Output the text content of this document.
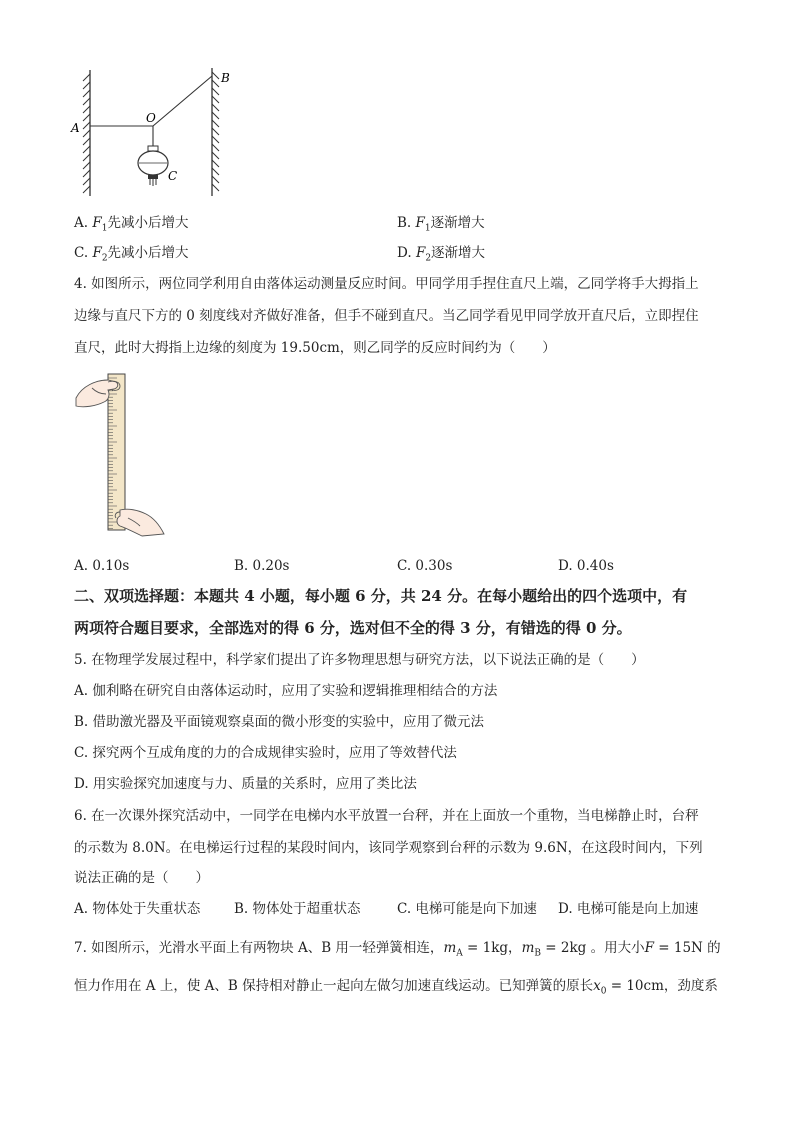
A
B
O
C
A. $F_1$先减小后增大	B. $F_1$逐渐增大
C. $F_2$先减小后增大	D. $F_2$逐渐增大
4. 如图所示，两位同学利用自由落体运动测量反应时间。甲同学用手捏住直尺上端，乙同学将手大拇指上
边缘与直尺下方的 0 刻度线对齐做好准备，但手不碰到直尺。当乙同学看见甲同学放开直尺后，立即捏住
直尺，此时大拇指上边缘的刻度为 19.50cm，则乙同学的反应时间约为（　　）
A. 0.10s	B. 0.20s	C. 0.30s	D. 0.40s
二、双项选择题：本题共 4 小题，每小题 6 分，共 24 分。在每小题给出的四个选项中，有
两项符合题目要求，全部选对的得 6 分，选对但不全的得 3 分，有错选的得 0 分。
5. 在物理学发展过程中，科学家们提出了许多物理思想与研究方法，以下说法正确的是（　　）
A. 伽利略在研究自由落体运动时，应用了实验和逻辑推理相结合的方法
B. 借助激光器及平面镜观察桌面的微小形变的实验中，应用了微元法
C. 探究两个互成角度的力的合成规律实验时，应用了等效替代法
D. 用实验探究加速度与力、质量的关系时，应用了类比法
6. 在一次课外探究活动中，一同学在电梯内水平放置一台秤，并在上面放一个重物，当电梯静止时，台秤
的示数为 8.0N。在电梯运行过程的某段时间内，该同学观察到台秤的示数为 9.6N，在这段时间内，下列
说法正确的是（　　）
A. 物体处于失重状态 B. 物体处于超重状态	C. 电梯可能是向下加速 D. 电梯可能是向上加速
7. 如图所示，光滑水平面上有两物块 A、B 用一轻弹簧相连，$m_A = 1kg$，$m_B = 2kg$ 。用大小F = 15N 的
恒力作用在 A 上，使 A、B 保持相对静止一起向左做匀加速直线运动。已知弹簧的原长$x_0 = 10cm$，劲度系
